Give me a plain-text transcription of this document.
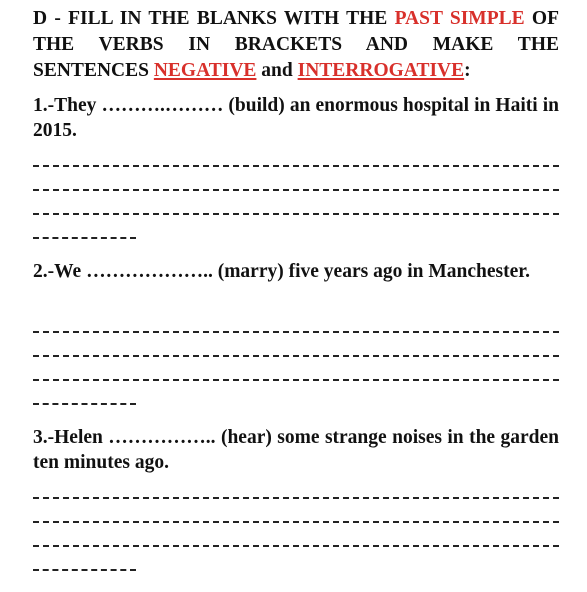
D - FILL IN THE BLANKS WITH THE PAST SIMPLE OF THE VERBS IN BRACKETS AND MAKE THE SENTENCES NEGATIVE and INTERROGATIVE:

1.-They ……….……… (build) an enormous hospital in Haiti in 2015.

2.-We ……………….. (marry) five years ago in Manchester.

3.-Helen …………….. (hear) some strange noises in the garden ten minutes ago.
